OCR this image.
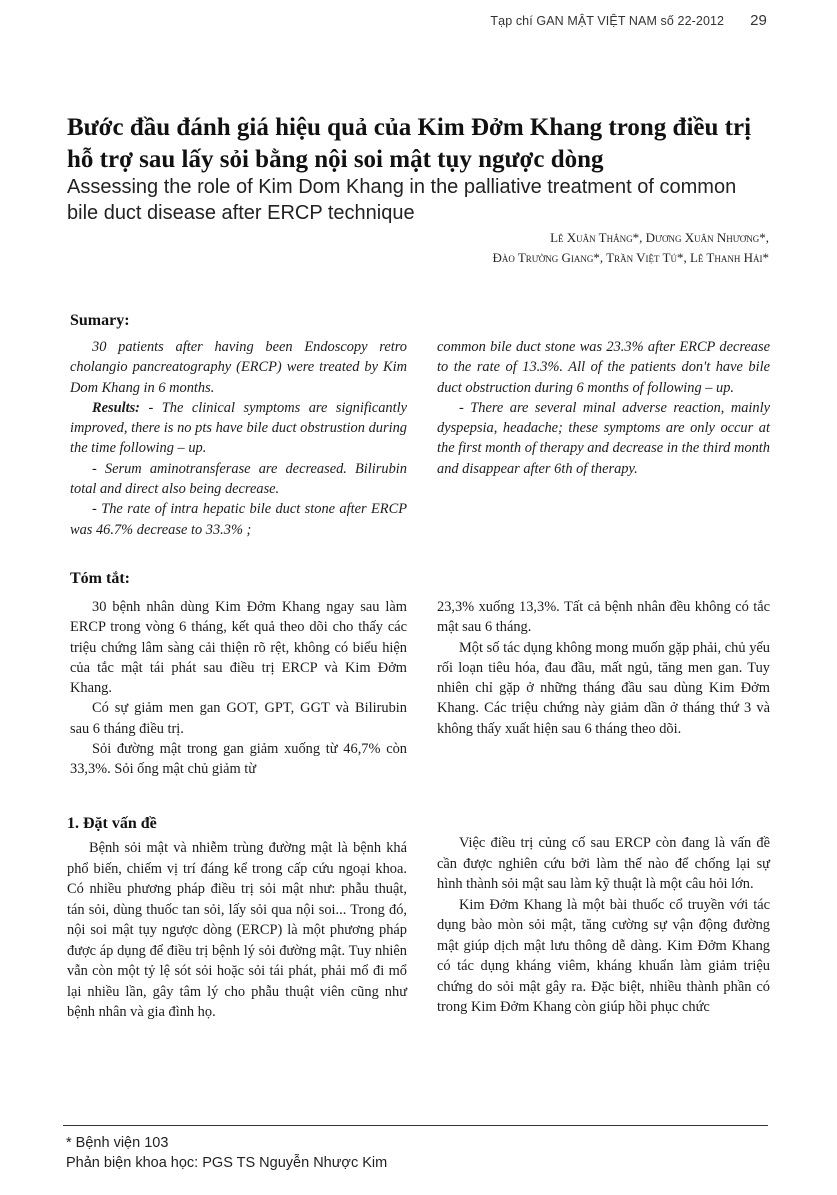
Tạp chí GAN MẬT VIỆT NAM số 22-2012 29
Bước đầu đánh giá hiệu quả của Kim Đởm Khang trong điều trị hỗ trợ sau lấy sỏi bằng nội soi mật tụy ngược dòng
Assessing the role of Kim Dom Khang in the palliative treatment of common bile duct disease after ERCP technique
Lê Xuân Thắng*, Dương Xuân Nhương*,
Đào Trường Giang*, Trần Việt Tú*, Lê Thanh Hải*
Sumary:

30 patients after having been Endoscopy retro cholangio pancreatography (ERCP) were treated by Kim Dom Khang in 6 months.

Results: - The clinical symptoms are significantly improved, there is no pts have bile duct obstrustion during the time following – up.

- Serum aminotransferase are decreased. Bilirubin total and direct also being decrease.

- The rate of intra hepatic bile duct stone after ERCP was 46.7% decrease to 33.3% ;

common bile duct stone was 23.3% after ERCP decrease to the rate of 13.3%. All of the patients don't have bile duct obstruction during 6 months of following – up.

- There are several minal adverse reaction, mainly dyspepsia, headache; these symptoms are only occur at the first month of therapy and decrease in the third month and disappear after 6th of therapy.

Tóm tắt:

30 bệnh nhân dùng Kim Đởm Khang ngay sau làm ERCP trong vòng 6 tháng, kết quả theo dõi cho thấy các triệu chứng lâm sàng cải thiện rõ rệt, không có biểu hiện của tắc mật tái phát sau điều trị ERCP và Kim Đởm Khang.

Có sự giảm men gan GOT, GPT, GGT và Bilirubin sau 6 tháng điều trị.

Sỏi đường mật trong gan giảm xuống từ 46,7% còn 33,3%. Sỏi ống mật chủ giảm từ

23,3% xuống 13,3%. Tất cả bệnh nhân đều không có tắc mật sau 6 tháng.

Một số tác dụng không mong muốn gặp phải, chủ yếu rối loạn tiêu hóa, đau đầu, mất ngủ, tăng men gan. Tuy nhiên chỉ gặp ở những tháng đầu sau dùng Kim Đởm Khang. Các triệu chứng này giảm dần ở tháng thứ 3 và không thấy xuất hiện sau 6 tháng theo dõi.

1. Đặt vấn đề

Bệnh sỏi mật và nhiễm trùng đường mật là bệnh khá phổ biến, chiếm vị trí đáng kể trong cấp cứu ngoại khoa. Có nhiều phương pháp điều trị sỏi mật như: phẫu thuật, tán sỏi, dùng thuốc tan sỏi, lấy sỏi qua nội soi... Trong đó, nội soi mật tụy ngược dòng (ERCP) là một phương pháp được áp dụng để điều trị bệnh lý sỏi đường mật. Tuy nhiên vẫn còn một tỷ lệ sót sỏi hoặc sỏi tái phát, phải mổ đi mổ lại nhiều lần, gây tâm lý cho phẫu thuật viên cũng như bệnh nhân và gia đình họ.

Việc điều trị củng cố sau ERCP còn đang là vấn đề cần được nghiên cứu bởi làm thế nào để chống lại sự hình thành sỏi mật sau làm kỹ thuật là một câu hỏi lớn.

Kim Đởm Khang là một bài thuốc cổ truyền với tác dụng bào mòn sỏi mật, tăng cường sự vận động đường mật giúp dịch mật lưu thông dễ dàng. Kim Đởm Khang có tác dụng kháng viêm, kháng khuẩn làm giảm triệu chứng do sỏi mật gây ra. Đặc biệt, nhiều thành phần có trong Kim Đởm Khang còn giúp hồi phục chức

* Bệnh viện 103
Phản biện khoa học: PGS TS Nguyễn Nhược Kim
